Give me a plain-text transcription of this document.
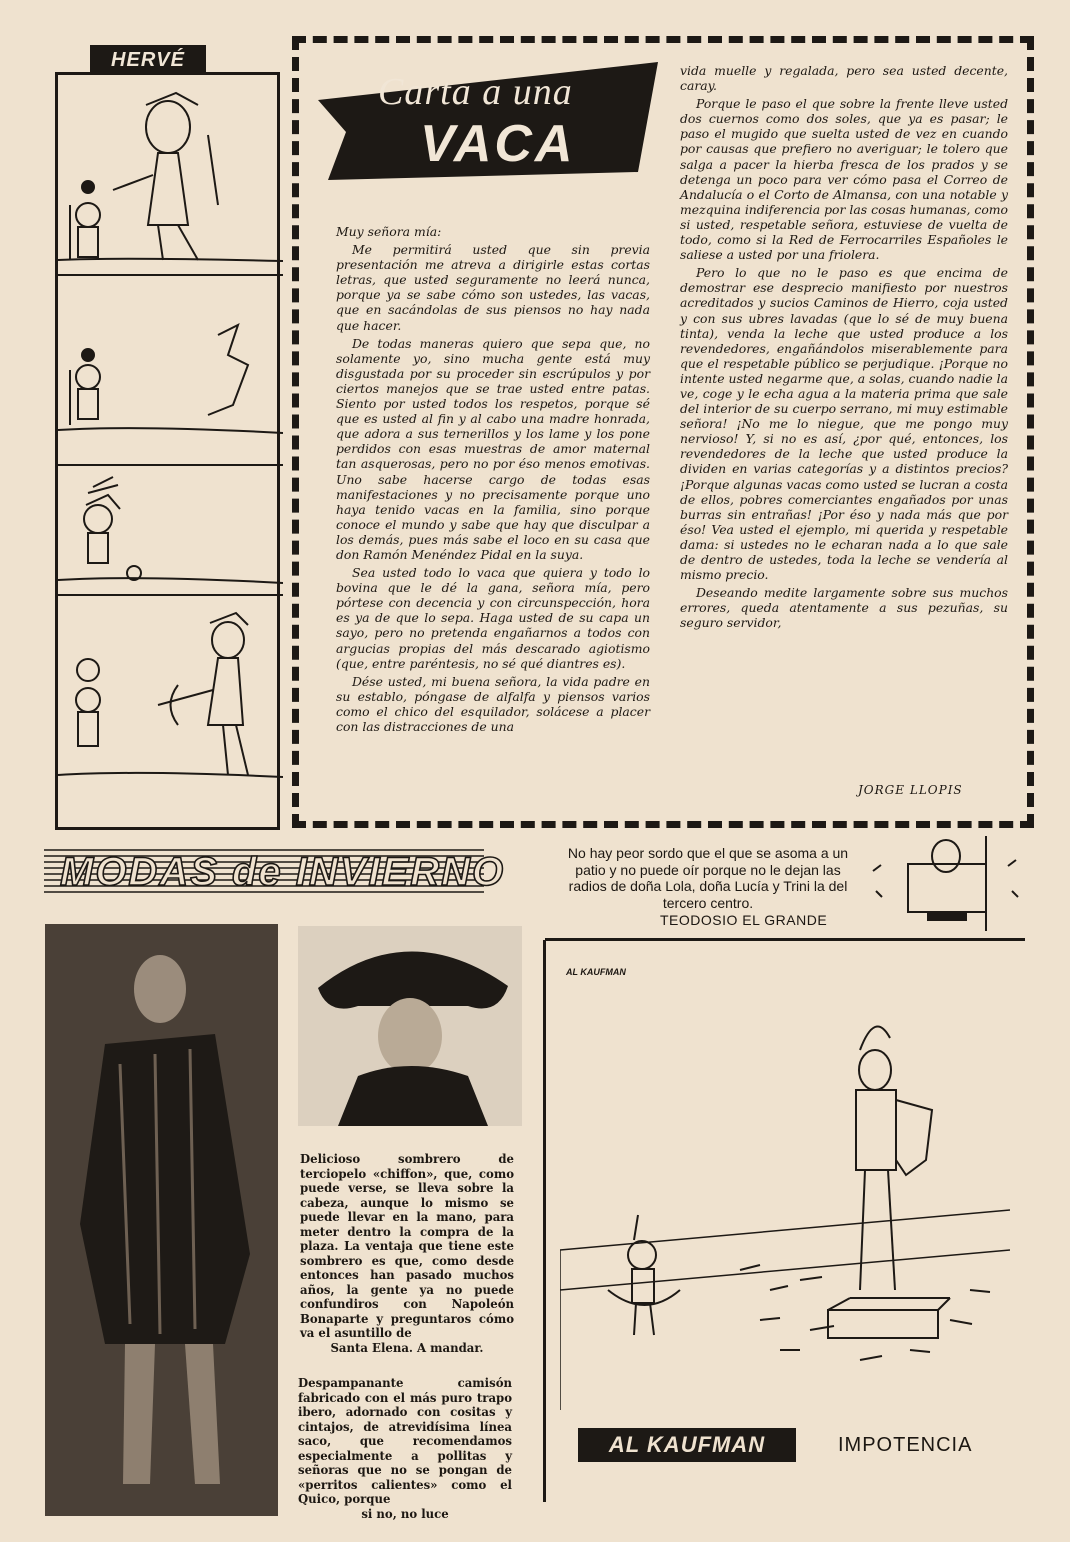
HERVÉ
Carta a una
VACA

Muy señora mía:

Me permitirá usted que sin previa presentación me atreva a dirigirle estas cortas letras, que usted seguramente no leerá nunca, porque ya se sabe cómo son ustedes, las vacas, que en sacándolas de sus piensos no hay nada que hacer.

De todas maneras quiero que sepa que, no solamente yo, sino mucha gente está muy disgustada por su proceder sin escrúpulos y por ciertos manejos que se trae usted entre patas. Siento por usted todos los respetos, porque sé que es usted al fin y al cabo una madre honrada, que adora a sus ternerillos y los lame y los pone perdidos con esas muestras de amor maternal tan asquerosas, pero no por éso menos emotivas. Uno sabe hacerse cargo de todas esas manifestaciones y no precisamente porque uno haya tenido vacas en la familia, sino porque conoce el mundo y sabe que hay que disculpar a los demás, pues más sabe el loco en su casa que don Ramón Menéndez Pidal en la suya.

Sea usted todo lo vaca que quiera y todo lo bovina que le dé la gana, señora mía, pero pórtese con decencia y con circunspección, hora es ya de que lo sepa. Haga usted de su capa un sayo, pero no pretenda engañarnos a todos con argucias propias del más descarado agiotismo (que, entre paréntesis, no sé qué diantres es).

Dése usted, mi buena señora, la vida padre en su establo, póngase de alfalfa y piensos varios como el chico del esquilador, solácese a placer con las distracciones de una

vida muelle y regalada, pero sea usted decente, caray.

Porque le paso el que sobre la frente lleve usted dos cuernos como dos soles, que ya es pasar; le paso el mugido que suelta usted de vez en cuando por causas que prefiero no averiguar; le tolero que salga a pacer la hierba fresca de los prados y se detenga un poco para ver cómo pasa el Correo de Andalucía o el Corto de Almansa, con una notable y mezquina indiferencia por las cosas humanas, como si usted, respetable señora, estuviese de vuelta de todo, como si la Red de Ferrocarriles Españoles le saliese a usted por una friolera.

Pero lo que no le paso es que encima de demostrar ese desprecio manifiesto por nuestros acreditados y sucios Caminos de Hierro, coja usted y con sus ubres lavadas (que lo sé de muy buena tinta), venda la leche que usted produce a los revendedores, engañándolos miserablemente para que el respetable público se perjudique. ¡Porque no intente usted negarme que, a solas, cuando nadie la ve, coge y le echa agua a la materia prima que sale del interior de su cuerpo serrano, mi muy estimable señora! ¡No me lo niegue, que me pongo muy nervioso! Y, si no es así, ¿por qué, entonces, los revendedores de la leche que usted produce la dividen en varias categorías y a distintos precios? ¡Porque algunas vacas como usted se lucran a costa de ellos, pobres comerciantes engañados por unas burras sin entrañas! ¡Por éso y nada más que por éso! Vea usted el ejemplo, mi querida y respetable dama: si ustedes no le echaran nada a lo que sale de dentro de ustedes, toda la leche se vendería al mismo precio.

Deseando medite largamente sobre sus muchos errores, queda atentamente a sus pezuñas, su seguro servidor,

JORGE LLOPIS
MODAS de INVIERNO
Delicioso sombrero de terciopelo «chiffon», que, como puede verse, se lleva sobre la cabeza, aunque lo mismo se puede llevar en la mano, para meter dentro la compra de la plaza. La ventaja que tiene este sombrero es que, como desde entonces han pasado muchos años, la gente ya no puede confundiros con Napoleón Bonaparte y preguntaros cómo va el asuntillo de
Santa Elena. A mandar.
Despampanante camisón fabricado con el más puro trapo ibero, adornado con cositas y cintajos, de atrevidísima línea saco, que recomendamos especialmente a pollitas y señoras que no se pongan de «perritos calientes» como el Quico, porque
si no, no luce
No hay peor sordo que el que se asoma a un patio y no puede oír porque no le dejan las radios de doña Lola, doña Lucía y Trini la del tercero centro.
TEODOSIO EL GRANDE
AL KAUFMAN
AL KAUFMAN	IMPOTENCIA
